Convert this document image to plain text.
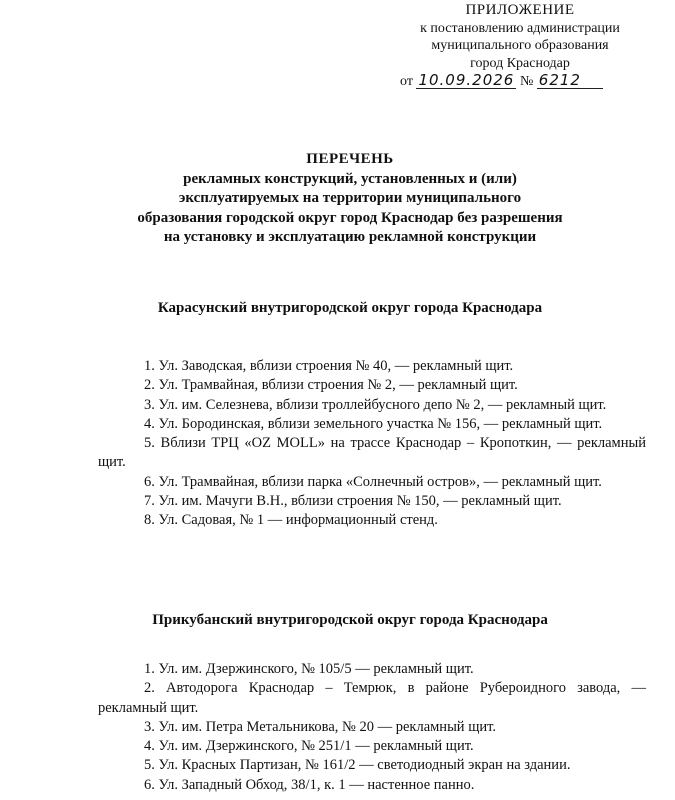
ПРИЛОЖЕНИЕ
к постановлению администрации
муниципального образования
город Краснодар
от 10.09.2026 № 6212
ПЕРЕЧЕНЬ
рекламных конструкций, установленных и (или)
эксплуатируемых на территории муниципального
образования городской округ город Краснодар без разрешения
на установку и эксплуатацию рекламной конструкции
Карасунский внутригородской округ города Краснодара

1. Ул. Заводская, вблизи строения № 40, — рекламный щит.

2. Ул. Трамвайная, вблизи строения № 2, — рекламный щит.

3. Ул. им. Селезнева, вблизи троллейбусного депо № 2, — рекламный щит.

4. Ул. Бородинская, вблизи земельного участка № 156, — рекламный щит.

5. Вблизи ТРЦ «OZ MOLL» на трассе Краснодар – Кропоткин, — рекламный щит.

6. Ул. Трамвайная, вблизи парка «Солнечный остров», — рекламный щит.

7. Ул. им. Мачуги В.Н., вблизи строения № 150, — рекламный щит.

8. Ул. Садовая, № 1 — информационный стенд.

Прикубанский внутригородской округ города Краснодара

1. Ул. им. Дзержинского, № 105/5 — рекламный щит.

2. Автодорога Краснодар – Темрюк, в районе Рубероидного завода, — рекламный щит.

3. Ул. им. Петра Метальникова, № 20 — рекламный щит.

4. Ул. им. Дзержинского, № 251/1 — рекламный щит.

5. Ул. Красных Партизан, № 161/2 — светодиодный экран на здании.

6. Ул. Западный Обход, 38/1, к. 1 — настенное панно.
